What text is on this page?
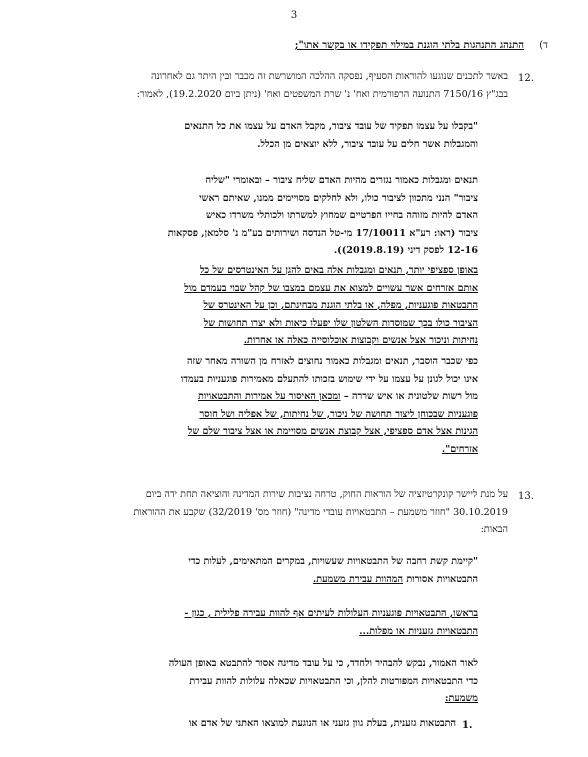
3
ד)
התנהג התנהגות בלתי הוגנת במילוי תפקידו או בקשר אתו";
12.
באשר לתכנים שנוגעו להוראות הסעיף, נפסקה ההלכה המושרשת זה מכבר ובין היתר גם לאחרונה
בבג"ץ 7150/16 התנועה הרפורמית ואח' נ' שרת המשפטים ואח' (ניתן ביום 19.2.2020), לאמור:
"בקבלו על עצמו תפקיד של עובד ציבור, מקבל האדם על עצמו את כל התנאים
והמגבלות אשר חלים על עובד ציבור, ללא יוצאים מן הכלל.
תנאים ומגבלות כאמור נגזרים מהיות האדם שליח ציבור – ובאומרי "שליח
ציבור" הנני מתכוון לציבור כולו, ולא לחלקים מסויימים ממנו, שאיתם ראשי
האדם להיות מזוהה בחייו הפרטיים שמחוץ למשרתו ולכותלי משרדו כאיש
ציבור (ראו: רע"א 17/10011 מי-טל הנדסה ושירותים בע"מ נ' סלמאן, פסקאות
12-16 לפסק דיני (2019.8.19)).
באופן ספציפי יותר, תנאים ומגבלות אלה באים להגן על האינטרסים של כל
אותם אזרחים אשר עשויים למצוא את עצמם במצבו של קהל שבוי בעמדם מול
התבטאות פוגעניות, מפלה, או בלתי הוגנת מבחינתם, וכן על האינטרס של
הציבור כולו בכך שמוסדות השלטון שלו יפעלו כיאות ולא יצרו תחושות של
נחיתות וניכור אצל אנשים וקבוצות אוכלוסייה כאלה או אחרות.
כפי שכבר הוסבר, תנאים ומגבלות כאמור נחוצים לאזרח מן השורה מאחר שזה
אינו יכול לגונן על עצמו על ידי שימוש בזכותו להתעלם מאמירות פוגעניות בעמדו
מול רשות שלטונית או איש שררה – ומכאן האיסור על אמירות והתבטאויות
פוגעניות שבכוחן ליצור תחושה של ניכור, של נחיתות, של אפליה ושל חוסר
הגינות אצל אדם ספציפי, אצל קבוצת אנשים מסויימת או אצל ציבור שלם של
אזרחים".
13.
על מנת ליישר קונקרטיזציה של הוראות החוק, טרחה נציבות שירות המדינה והוציאה תחת ידה ביום
30.10.2019 "חוזר משמעת – התבטאויות עובדי מדינה" (חוזר מס' 32/2019) שקבע את ההוראות
הבאות:
"קיימת קשת רחבה של התבטאויות שעשויות, במקרים המתאימים, לעלות כדי
התבטאויות אסורות המהוות עבירת משמעת.
בראשו, התבטאויות פוגעניות העלולות לעיתים אף להוות עבירה פלילית , כגון -
התבטאויות גזעניות או מפלות...
לאור האמור, נבקש להבהיר ולחדד, כי על עובד מדינה אסור להתבטא באופן העולה
כדי התבטאויות המפורטות להלן, וכי התבטאויות שכאלה עלולות להוות עבירת
משמעת:
1.
התבטאות גזענית, בעלת גוון גזעני או הנוגעת למוצאו האתני של אדם או
